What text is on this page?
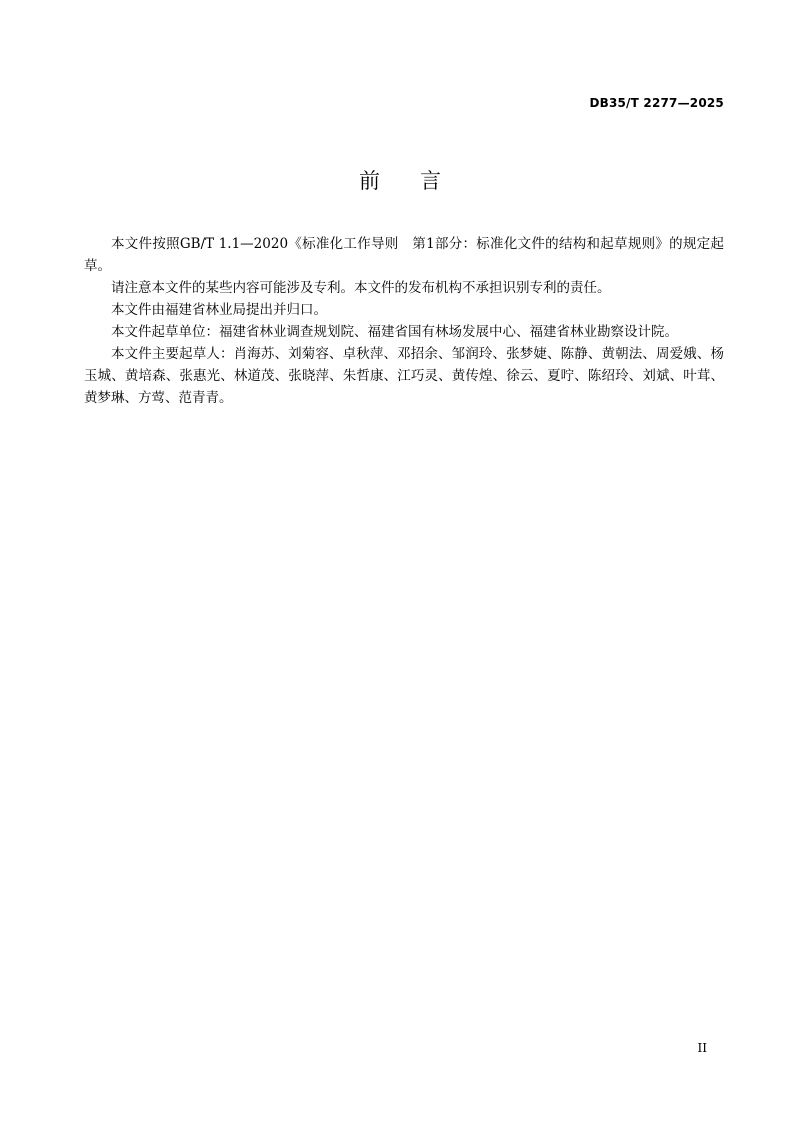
DB35/T 2277—2025
前 言

本文件按照GB/T 1.1—2020《标准化工作导则　第1部分：标准化文件的结构和起草规则》的规定起草。

请注意本文件的某些内容可能涉及专利。本文件的发布机构不承担识别专利的责任。

本文件由福建省林业局提出并归口。

本文件起草单位：福建省林业调查规划院、福建省国有林场发展中心、福建省林业勘察设计院。

本文件主要起草人：肖海苏、刘菊容、卓秋萍、邓招余、邹润玲、张梦婕、陈静、黄朝法、周爱娥、杨玉城、黄培森、张惠光、林道茂、张晓萍、朱哲康、江巧灵、黄传煌、徐云、夏咛、陈绍玲、刘斌、叶茸、黄梦琳、方莺、范青青。

II
